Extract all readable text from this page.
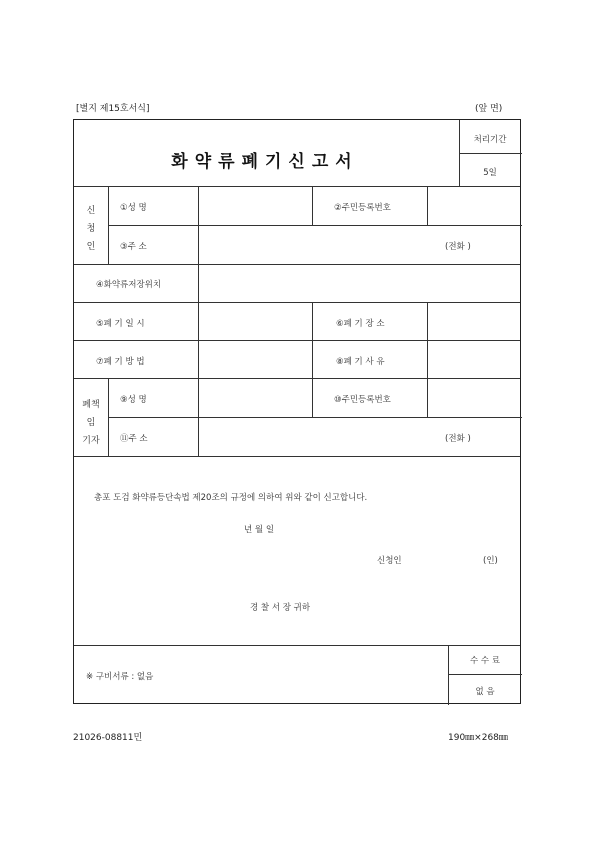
[별지 제15호서식]	(앞 면)
화약류폐기신고서
처리기간
5일
신
청
인
①성 명	②주민등록번호
③주 소	(전화 )
④화약류저장위치
⑤폐 기 일 시	⑥폐 기 장 소
⑦폐 기 방 법	⑧폐 기 사 유
폐책
임
기자
⑨성 명	⑩주민등록번호
⑪주 소	(전화 )
총포 도검 화약류등단속법 제20조의 규정에 의하여 위와 같이 신고합니다.
년 월 일
신청인	(인)
경 찰 서 장 귀하
※ 구비서류 : 없음
수 수 료
없 음
21026-08811민	190㎜×268㎜
